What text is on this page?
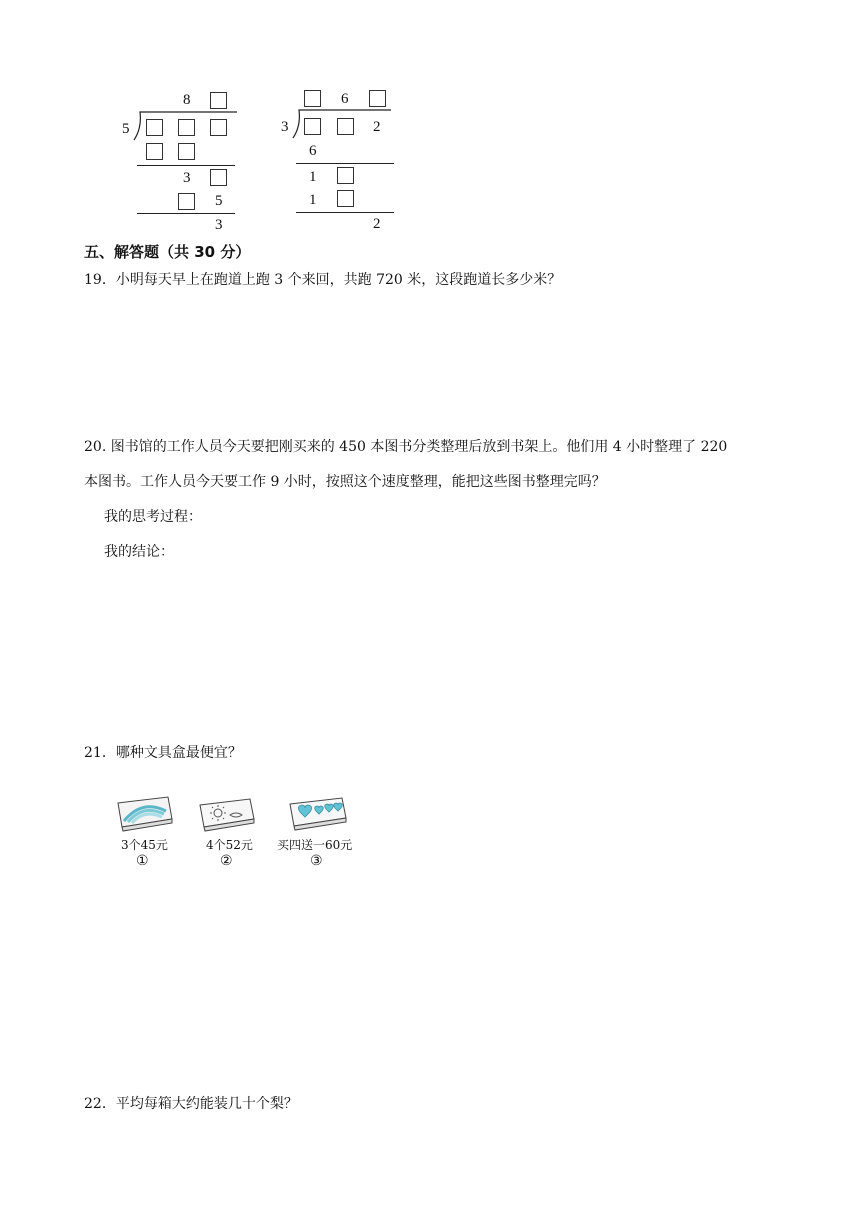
8
5
3
5
3
6
3	2
6
1
1
2
五、解答题（共 30 分）
19．小明每天早上在跑道上跑 3 个来回，共跑 720 米，这段跑道长多少米？
20. 图书馆的工作人员今天要把刚买来的 450 本图书分类整理后放到书架上。他们用 4 小时整理了 220
本图书。工作人员今天要工作 9 小时，按照这个速度整理，能把这些图书整理完吗？
我的思考过程：
我的结论：
21．哪种文具盒最便宜？
3个45元
①
4个52元
②
买四送一60元
③
22．平均每箱大约能装几十个梨？
